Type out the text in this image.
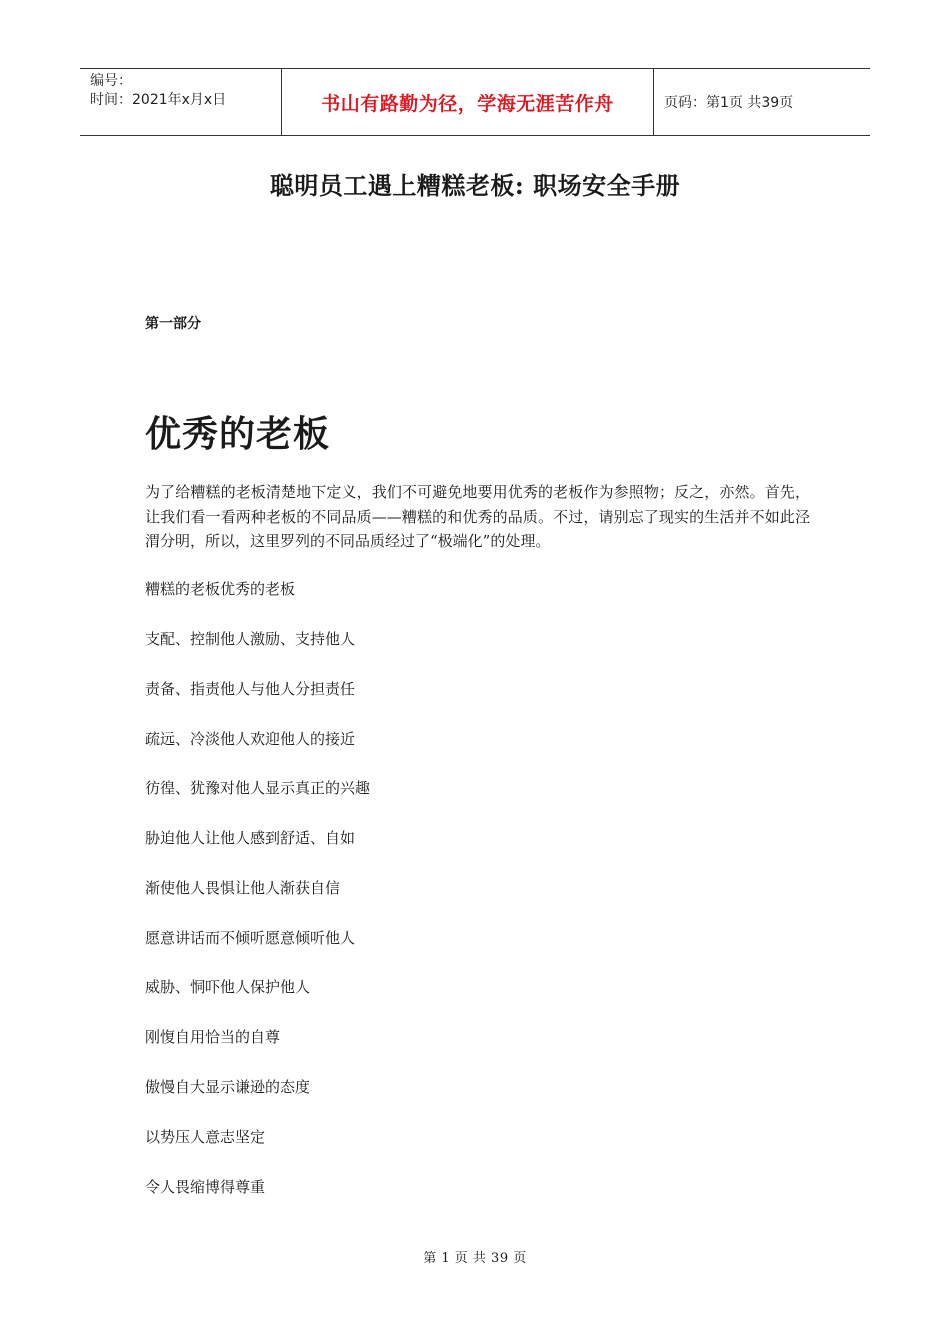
编号：
时间：2021年x月x日	书山有路勤为径，学海无涯苦作舟	页码：第1页 共39页
聪明员工遇上糟糕老板: 职场安全手册
第一部分
优秀的老板

为了给糟糕的老板清楚地下定义，我们不可避免地要用优秀的老板作为参照物；反之，亦然。首先，让我们看一看两种老板的不同品质——糟糕的和优秀的品质。不过，请别忘了现实的生活并不如此泾渭分明，所以，这里罗列的不同品质经过了“极端化”的处理。

糟糕的老板优秀的老板
支配、控制他人激励、支持他人
责备、指责他人与他人分担责任
疏远、冷淡他人欢迎他人的接近
彷徨、犹豫对他人显示真正的兴趣
胁迫他人让他人感到舒适、自如
渐使他人畏惧让他人渐获自信
愿意讲话而不倾听愿意倾听他人
威胁、恫吓他人保护他人
刚愎自用恰当的自尊
傲慢自大显示谦逊的态度
以势压人意志坚定
令人畏缩博得尊重
第 1 页 共 39 页
